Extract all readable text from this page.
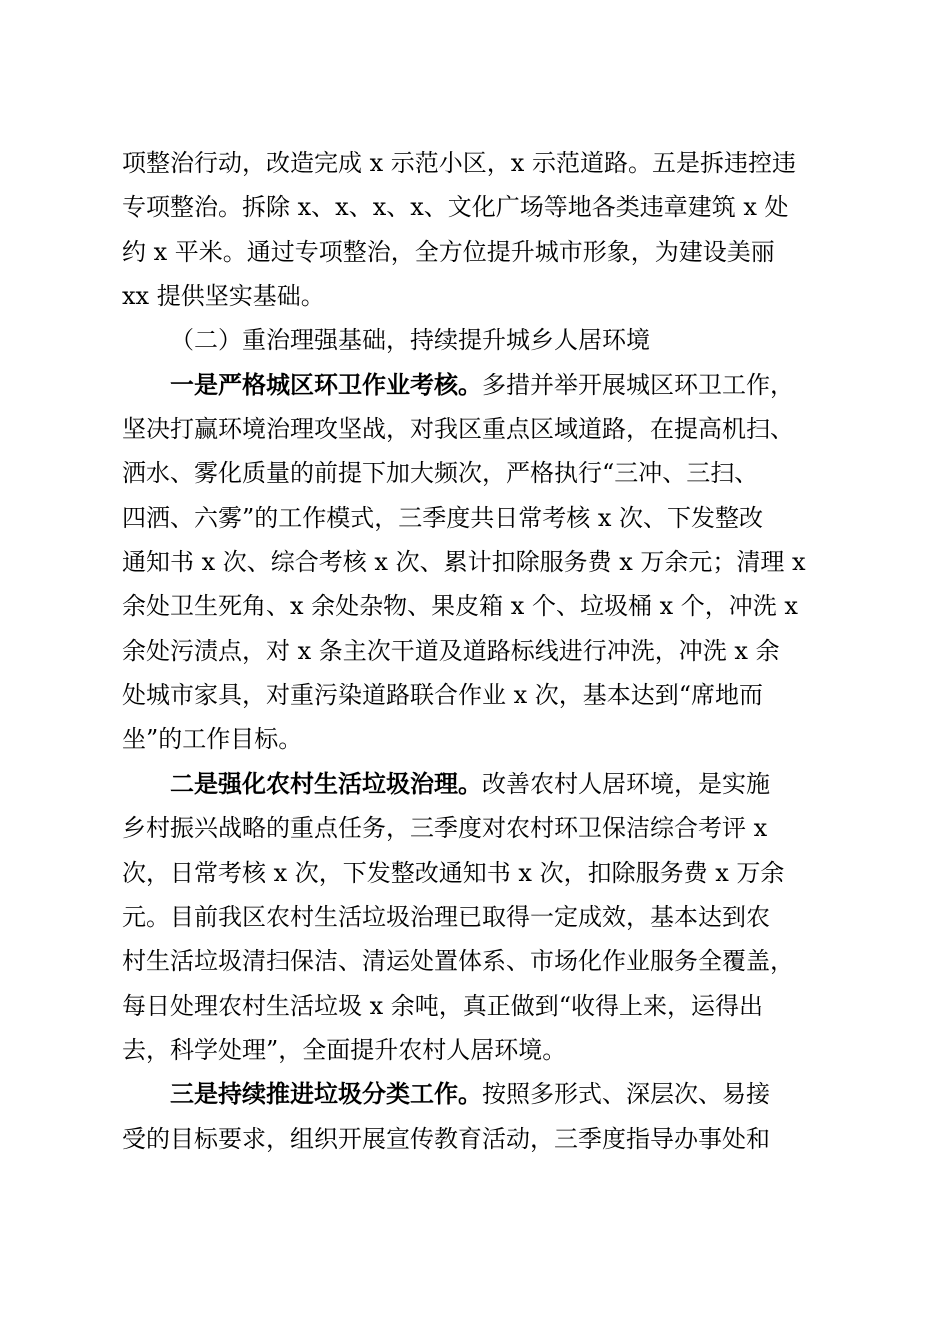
项整治行动，改造完成 x 示范小区，x 示范道路。五是拆违控违
专项整治。拆除 x、x、x、x、文化广场等地各类违章建筑 x 处
约 x 平米。通过专项整治，全方位提升城市形象，为建设美丽
xx 提供坚实基础。
（二）重治理强基础，持续提升城乡人居环境
一是严格城区环卫作业考核。多措并举开展城区环卫工作，
坚决打赢环境治理攻坚战，对我区重点区域道路，在提高机扫、
洒水、雾化质量的前提下加大频次，严格执行“三冲、三扫、
四洒、六雾”的工作模式，三季度共日常考核 x 次、下发整改
通知书 x 次、综合考核 x 次、累计扣除服务费 x 万余元；清理 x
余处卫生死角、x 余处杂物、果皮箱 x 个、垃圾桶 x 个，冲洗 x
余处污渍点，对 x 条主次干道及道路标线进行冲洗，冲洗 x 余
处城市家具，对重污染道路联合作业 x 次，基本达到“席地而
坐”的工作目标。
二是强化农村生活垃圾治理。改善农村人居环境，是实施
乡村振兴战略的重点任务，三季度对农村环卫保洁综合考评 x
次，日常考核 x 次，下发整改通知书 x 次，扣除服务费 x 万余
元。目前我区农村生活垃圾治理已取得一定成效，基本达到农
村生活垃圾清扫保洁、清运处置体系、市场化作业服务全覆盖，
每日处理农村生活垃圾 x 余吨，真正做到“收得上来，运得出
去，科学处理”，全面提升农村人居环境。
三是持续推进垃圾分类工作。按照多形式、深层次、易接
受的目标要求，组织开展宣传教育活动，三季度指导办事处和
